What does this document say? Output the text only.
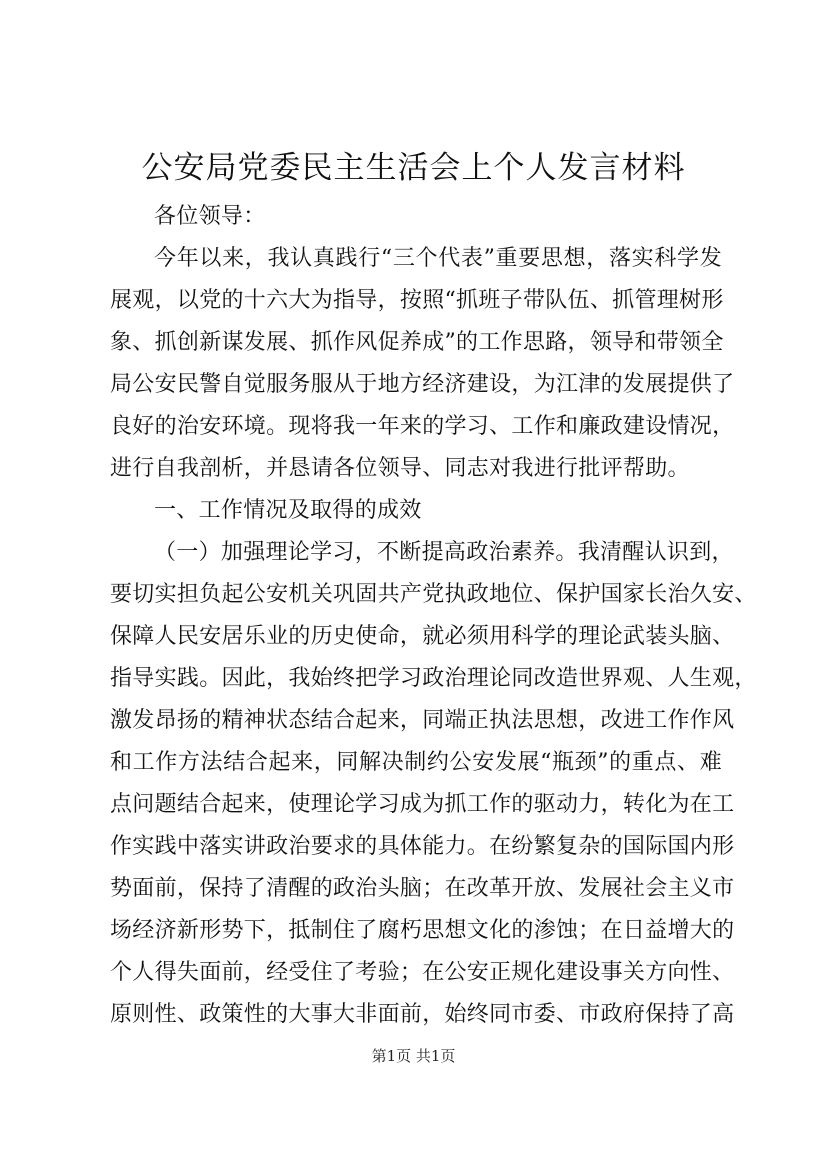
公安局党委民主生活会上个人发言材料
各位领导：
今年以来，我认真践行“三个代表”重要思想，落实科学发
展观，以党的十六大为指导，按照“抓班子带队伍、抓管理树形
象、抓创新谋发展、抓作风促养成”的工作思路，领导和带领全
局公安民警自觉服务服从于地方经济建设，为江津的发展提供了
良好的治安环境。现将我一年来的学习、工作和廉政建设情况，
进行自我剖析，并恳请各位领导、同志对我进行批评帮助。
一、工作情况及取得的成效
（一）加强理论学习，不断提高政治素养。我清醒认识到，
要切实担负起公安机关巩固共产党执政地位、保护国家长治久安、
保障人民安居乐业的历史使命，就必须用科学的理论武装头脑、
指导实践。因此，我始终把学习政治理论同改造世界观、人生观，
激发昂扬的精神状态结合起来，同端正执法思想，改进工作作风
和工作方法结合起来，同解决制约公安发展“瓶颈”的重点、难
点问题结合起来，使理论学习成为抓工作的驱动力，转化为在工
作实践中落实讲政治要求的具体能力。在纷繁复杂的国际国内形
势面前，保持了清醒的政治头脑；在改革开放、发展社会主义市
场经济新形势下，抵制住了腐朽思想文化的渗蚀；在日益增大的
个人得失面前，经受住了考验；在公安正规化建设事关方向性、
原则性、政策性的大事大非面前，始终同市委、市政府保持了高
第1页 共1页
